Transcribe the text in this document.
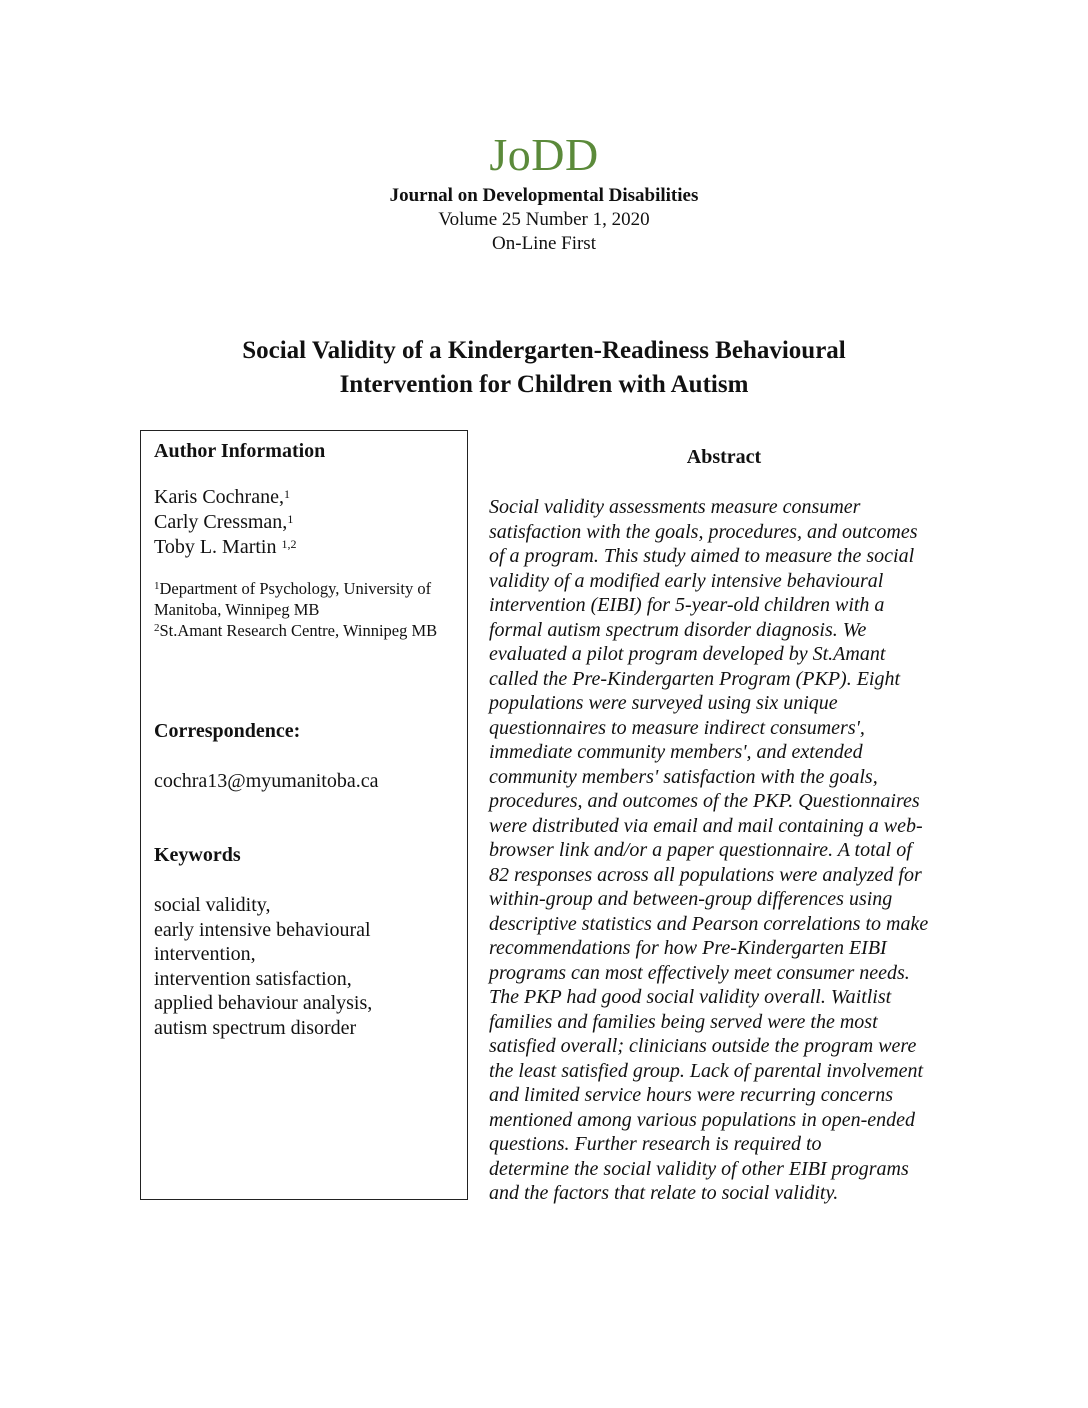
JoDD
Journal on Developmental Disabilities
Volume 25 Number 1, 2020
On-Line First
Social Validity of a Kindergarten-Readiness Behavioural
Intervention for Children with Autism
Author Information
Karis Cochrane,$^1$
Carly Cressman,$^1$
Toby L. Martin $^{1,2}$
$^1$Department of Psychology, University of Manitoba, Winnipeg MB
$^2$St.Amant Research Centre, Winnipeg MB
Correspondence:
cochra13@myumanitoba.ca
Keywords
social validity,
early intensive behavioural
intervention,
intervention satisfaction,
applied behaviour analysis,
autism spectrum disorder
Abstract
Social validity assessments measure consumer
satisfaction with the goals, procedures, and outcomes
of a program. This study aimed to measure the social
validity of a modified early intensive behavioural
intervention (EIBI) for 5-year-old children with a
formal autism spectrum disorder diagnosis. We
evaluated a pilot program developed by St.Amant
called the Pre-Kindergarten Program (PKP). Eight
populations were surveyed using six unique
questionnaires to measure indirect consumers',
immediate community members', and extended
community members' satisfaction with the goals,
procedures, and outcomes of the PKP. Questionnaires
were distributed via email and mail containing a web-
browser link and/or a paper questionnaire. A total of
82 responses across all populations were analyzed for
within-group and between-group differences using
descriptive statistics and Pearson correlations to make
recommendations for how Pre-Kindergarten EIBI
programs can most effectively meet consumer needs.
The PKP had good social validity overall. Waitlist
families and families being served were the most
satisfied overall; clinicians outside the program were
the least satisfied group. Lack of parental involvement
and limited service hours were recurring concerns
mentioned among various populations in open-ended
questions. Further research is required to
determine the social validity of other EIBI programs
and the factors that relate to social validity.
